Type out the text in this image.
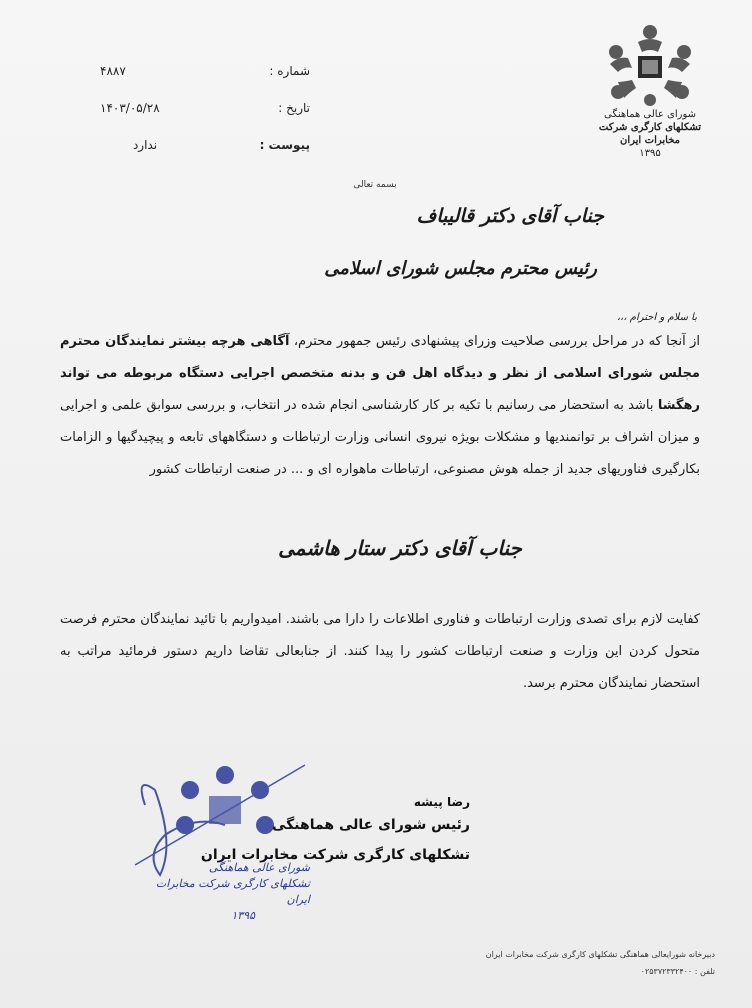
۴۸۸۷	شماره :
۱۴۰۳/۰۵/۲۸	تاریخ :
ندارد	پیوست :
شورای عالی هماهنگی
تشکلهای کارگری شرکت مخابرات ایران
۱۳۹۵
بسمه تعالی
جناب آقای دکتر قالیباف
رئیس محترم مجلس شورای اسلامی
با سلام و احترام ،،،
از آنجا که در مراحل بررسی صلاحیت وزرای پیشنهادی رئیس جمهور محترم، آگاهی هرچه بیشتر نمایندگان محترم مجلس شورای اسلامی از نظر و دیدگاه اهل فن و بدنه متخصص اجرایی دستگاه مربوطه می تواند رهگشا باشد به استحضار می رسانیم با تکیه بر کار کارشناسی انجام شده در انتخاب، و بررسی سوابق علمی و اجرایی و میزان اشراف بر توانمندیها و مشکلات بویژه نیروی انسانی وزارت ارتباطات و دستگاههای تابعه و پیچیدگیها و الزامات بکارگیری فناوریهای جدید از جمله هوش مصنوعی، ارتباطات ماهواره ای و ... در صنعت ارتباطات کشور
جناب آقای دکتر ستار هاشمی
کفایت لازم برای تصدی وزارت ارتباطات و فناوری اطلاعات را دارا می باشند. امیدواریم با تائید نمایندگان محترم فرصت متحول کردن این وزارت و صنعت ارتباطات کشور را پیدا کنند. از جنابعالی تقاضا داریم دستور فرمائید مراتب به استحضار نمایندگان محترم برسد.
رضا پیشه
رئیس شورای عالی هماهنگی
تشکلهای کارگری شرکت مخابرات ایران
شورای عالی هماهنگی
تشکلهای کارگری شرکت مخابرات ایران
۱۳۹۵
دبیرخانه شورایعالی هماهنگی تشکلهای کارگری شرکت مخابرات ایران
تلفن : ۰۲۵۳۷۲۳۳۲۴۰۰
